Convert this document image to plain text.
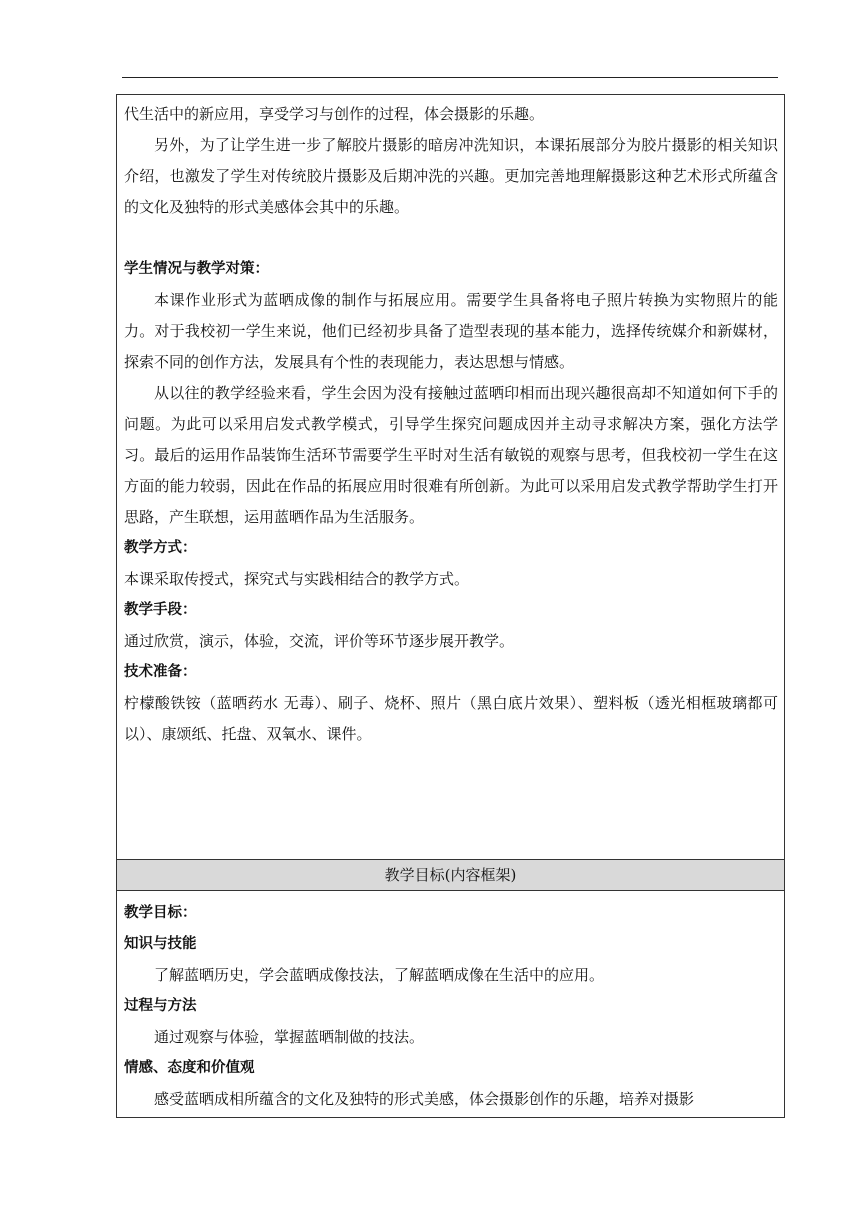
代生活中的新应用，享受学习与创作的过程，体会摄影的乐趣。

另外，为了让学生进一步了解胶片摄影的暗房冲洗知识，本课拓展部分为胶片摄影的相关知识介绍，也激发了学生对传统胶片摄影及后期冲洗的兴趣。更加完善地理解摄影这种艺术形式所蕴含的文化及独特的形式美感体会其中的乐趣。

学生情况与教学对策：

本课作业形式为蓝晒成像的制作与拓展应用。需要学生具备将电子照片转换为实物照片的能力。对于我校初一学生来说，他们已经初步具备了造型表现的基本能力，选择传统媒介和新媒材，探索不同的创作方法，发展具有个性的表现能力，表达思想与情感。

从以往的教学经验来看，学生会因为没有接触过蓝晒印相而出现兴趣很高却不知道如何下手的问题。为此可以采用启发式教学模式，引导学生探究问题成因并主动寻求解决方案，强化方法学习。最后的运用作品装饰生活环节需要学生平时对生活有敏锐的观察与思考，但我校初一学生在这方面的能力较弱，因此在作品的拓展应用时很难有所创新。为此可以采用启发式教学帮助学生打开思路，产生联想，运用蓝晒作品为生活服务。

教学方式：

本课采取传授式，探究式与实践相结合的教学方式。

教学手段：

通过欣赏，演示，体验，交流，评价等环节逐步展开教学。

技术准备：

柠檬酸铁铵（蓝晒药水 无毒）、刷子、烧杯、照片（黑白底片效果）、塑料板（透光相框玻璃都可以）、康颂纸、托盘、双氧水、课件。

教学目标(内容框架)

教学目标：

知识与技能

了解蓝晒历史，学会蓝晒成像技法，了解蓝晒成像在生活中的应用。

过程与方法

通过观察与体验，掌握蓝晒制做的技法。

情感、态度和价值观

感受蓝晒成相所蕴含的文化及独特的形式美感，体会摄影创作的乐趣，培养对摄影
